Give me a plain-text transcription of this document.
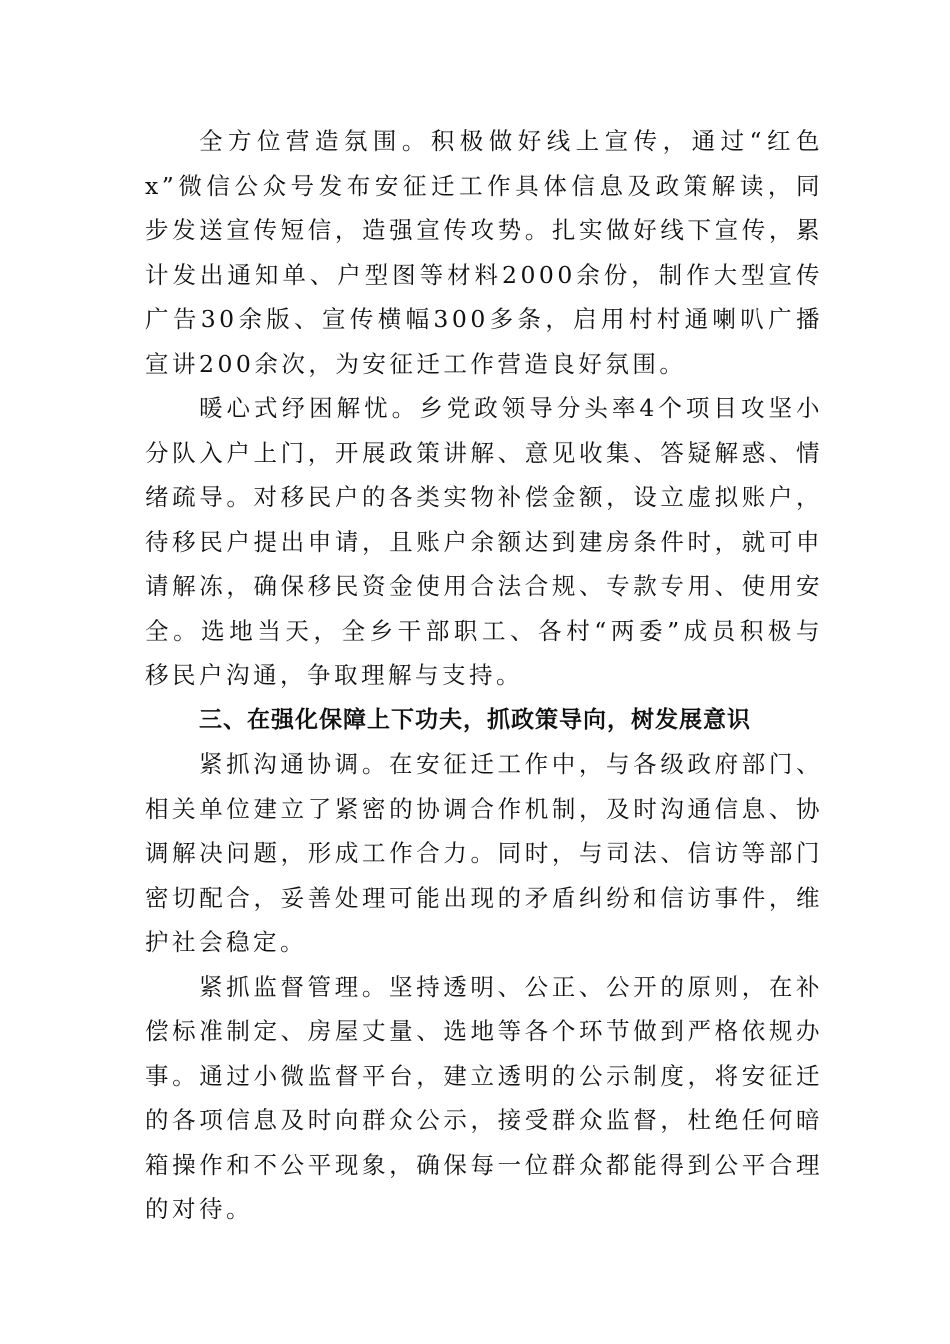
全方位营造氛围。积极做好线上宣传，通过“红色x”微信公众号发布安征迁工作具体信息及政策解读，同步发送宣传短信，造强宣传攻势。扎实做好线下宣传，累计发出通知单、户型图等材料2000余份，制作大型宣传广告30余版、宣传横幅300多条，启用村村通喇叭广播宣讲200余次，为安征迁工作营造良好氛围。

暖心式纾困解忧。乡党政领导分头率4个项目攻坚小分队入户上门，开展政策讲解、意见收集、答疑解惑、情绪疏导。对移民户的各类实物补偿金额，设立虚拟账户，待移民户提出申请，且账户余额达到建房条件时，就可申请解冻，确保移民资金使用合法合规、专款专用、使用安全。选地当天，全乡干部职工、各村“两委”成员积极与移民户沟通，争取理解与支持。

三、在强化保障上下功夫，抓政策导向，树发展意识

紧抓沟通协调。在安征迁工作中，与各级政府部门、相关单位建立了紧密的协调合作机制，及时沟通信息、协调解决问题，形成工作合力。同时，与司法、信访等部门密切配合，妥善处理可能出现的矛盾纠纷和信访事件，维护社会稳定。

紧抓监督管理。坚持透明、公正、公开的原则，在补偿标准制定、房屋丈量、选地等各个环节做到严格依规办事。通过小微监督平台，建立透明的公示制度，将安征迁的各项信息及时向群众公示，接受群众监督，杜绝任何暗箱操作和不公平现象，确保每一位群众都能得到公平合理的对待。
